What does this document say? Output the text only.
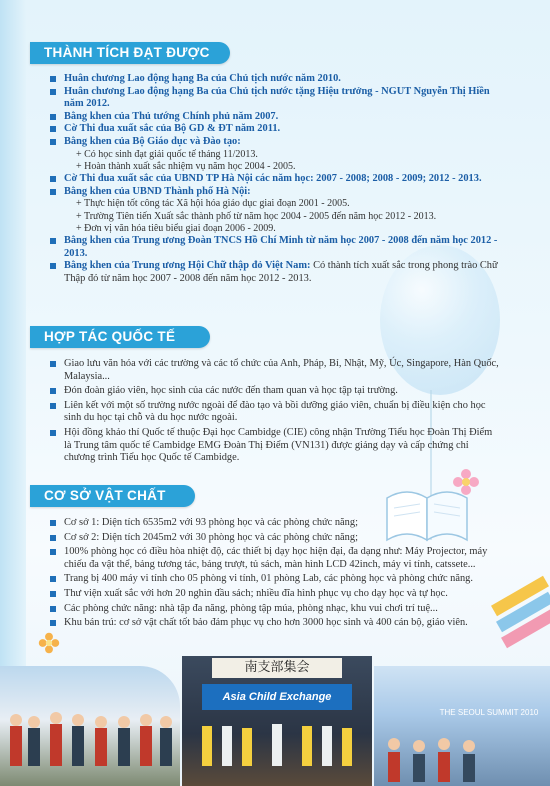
THÀNH TÍCH ĐẠT ĐƯỢC
Huân chương Lao động hạng Ba của Chủ tịch nước năm 2010.
Huân chương Lao động hạng Ba của Chủ tịch nước tặng Hiệu trưởng - NGUT Nguyễn Thị Hiền năm 2012.
Bằng khen của Thủ tướng Chính phủ năm 2007.
Cờ Thi đua xuất sắc của Bộ GD & ĐT năm 2011.
Bằng khen của Bộ Giáo dục và Đào tạo:
+ Có học sinh đạt giải quốc tế tháng 11/2013.
+ Hoàn thành xuất sắc nhiệm vụ năm học 2004 - 2005.
Cờ Thi đua xuất sắc của UBND TP Hà Nội các năm học: 2007 - 2008; 2008 - 2009; 2012 - 2013.
Bằng khen của UBND Thành phố Hà Nội:
+ Thực hiện tốt công tác Xã hội hóa giáo dục giai đoạn 2001 - 2005.
+ Trường Tiên tiến Xuất sắc thành phố từ năm học 2004 - 2005 đến năm học 2012 - 2013.
+ Đơn vị văn hóa tiêu biểu giai đoạn 2006 - 2009.
Bằng khen của Trung ương Đoàn TNCS Hồ Chí Minh từ năm học 2007 - 2008 đến năm học 2012 - 2013.
Bằng khen của Trung ương Hội Chữ thập đỏ Việt Nam: Có thành tích xuất sắc trong phong trào Chữ Thập đỏ từ năm học 2007 - 2008 đến năm học 2012 - 2013.
HỢP TÁC QUỐC TẾ
Giao lưu văn hóa với các trường và các tổ chức của Anh, Pháp, Bỉ, Nhật, Mỹ, Úc, Singapore, Hàn Quốc, Malaysia...
Đón đoàn giáo viên, học sinh của các nước đến tham quan và học tập tại trường.
Liên kết với một số trường nước ngoài để đào tạo và bồi dưỡng giáo viên, chuẩn bị điều kiện cho học sinh du học tại chỗ và du học nước ngoài.
Hội đồng khảo thí Quốc tế thuộc Đại học Cambidge (CIE) công nhận Trường Tiểu học Đoàn Thị Điểm là Trung tâm quốc tế Cambidge EMG Đoàn Thị Điểm (VN131) được giảng dạy và cấp chứng chỉ chương trình Tiểu học Quốc tế Cambidge.
CƠ SỞ VẬT CHẤT
Cơ sở 1: Diện tích 6535m2 với 93 phòng học và các phòng chức năng;
Cơ sở 2: Diện tích 2045m2 với 30 phòng học và các phòng chức năng;
100% phòng học có điều hòa nhiệt độ, các thiết bị dạy học hiện đại, đa dạng như: Máy Projector, máy chiếu đa vật thể, bảng tương tác, bảng trượt, tủ sách, màn hình LCD 42inch, máy vi tính, catssete...
Trang bị 400 máy vi tính cho 05 phòng vi tính, 01 phòng Lab, các phòng học và phòng chức năng.
Thư viện xuất sắc với hơn 20 nghìn đầu sách; nhiều đĩa hình phục vụ cho dạy học và tự học.
Các phòng chức năng: nhà tập đa năng, phòng tập múa, phòng nhạc, khu vui chơi trí tuệ...
Khu bán trú: cơ sở vật chất tốt bảo đảm phục vụ cho hơn 3000 học sinh và 400 cán bộ, giáo viên.
南支部集会
Asia Child Exchange
THE SEOUL SUMMIT 2010
